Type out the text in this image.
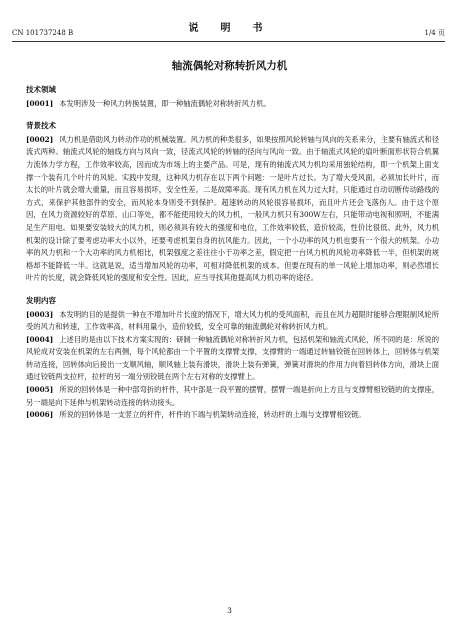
CN 101737248 B	说　明　书	1/4 页
轴流偶轮对称转折风力机
技术领域

[0001] 本发明涉及一种风力转换装置，即一种轴流偶轮对称转折风力机。

背景技术

[0002] 风力机是借助风力转动作功的机械装置。风力机的种类很多，如果按照风轮转轴与风向的关系来分，主要有轴流式和径流式两种。轴流式风轮的轴线方向与风向一致，径流式风轮的转轴的径向与风向一致。由于轴流式风轮的扇叶断面形状符合机翼力流体力学方程，工作效率较高，因而成为市场上的主要产品。可是，现有的轴流式风力机均采用独轮结构，即一个机架上面支撑一个装有几个叶片的风轮。实践中发现，这种风力机存在以下两个问题：一是叶片过长。为了增大受风面，必须加长叶片，而太长的叶片就会增大重量，而且容易损坏，安全性差。二是故障率高。现有风力机在风力过大时，只能通过自动切断传动路线的方式，来保护其他部件的安全，而风轮本身则受不到保护。超速转动的风轮很容易损坏，而且叶片还会飞落伤人。由于这个原因，在风力资源较好的草原、山口等处，都不能使用较大的风力机，一般风力机只有300W左右，只能带动电视和照明，不能满足生产用电。如果要安装较大的风力机，则必须具有较大的强度和电位，工作效率较低，造价较高，性价比很低。此外，风力机机架的设计除了要考虑功率大小以外，还要考虑机架自身的抗风能力。因此，一个小功率的风力机也要有一个很大的机架。小功率的风力机和一个大功率的风力机相比，机架强度之差往往小于功率之差，假定把一台风力机的风轮功率降低一半，但机架的规格却不能降低一半。这就是说，适当增加风轮的功率，可相对降低机架的成本。但要在现有的单一风轮上增加功率，则必然增长叶片的长度，就会降低风轮的强度和安全性。因此，应当寻找其他提高风力机功率的途径。

发明内容

[0003] 本发明的目的是提供一种在不增加叶片长度的情况下，增大风力机的受风面积，而且在风力超限时能够合理限制风轮所受的风力和转速，工作效率高，材料用量小，造价较低，安全可靠的轴流偶轮对称转折风力机。

[0004] 上述目的是由以下技术方案实现的：研制一种轴流偶轮对称转折风力机，包括机架和轴流式风轮，所不同的是：所说的风轮成对安装在机架的左右两侧，每个风轮都由一个平置的支撑臂支撑，支撑臂的一端通过转轴铰链在回转体上，回转体与机架转动连接，回转体向后接出一支顺风轴，顺风轴上装有滑块，滑块上装有弹簧，弹簧对滑块的作用力向着回转体方向，滑块上面通过铰链两支拉杆，拉杆的另一端分别铰链在两个左右对称的支撑臂上。

[0005] 所说的回转体是一种中部弯折的杆件，其中部是一段平置的摆臂，摆臂一端是折向上方且与支撑臂相铰链的的支撑座，另一端是向下延伸与机架转动连接的转动接头。

[0006] 所说的回转体是一支竖立的杆件，杆件的下端与机架转动连接，转动杆的上端与支撑臂相铰链。

3
